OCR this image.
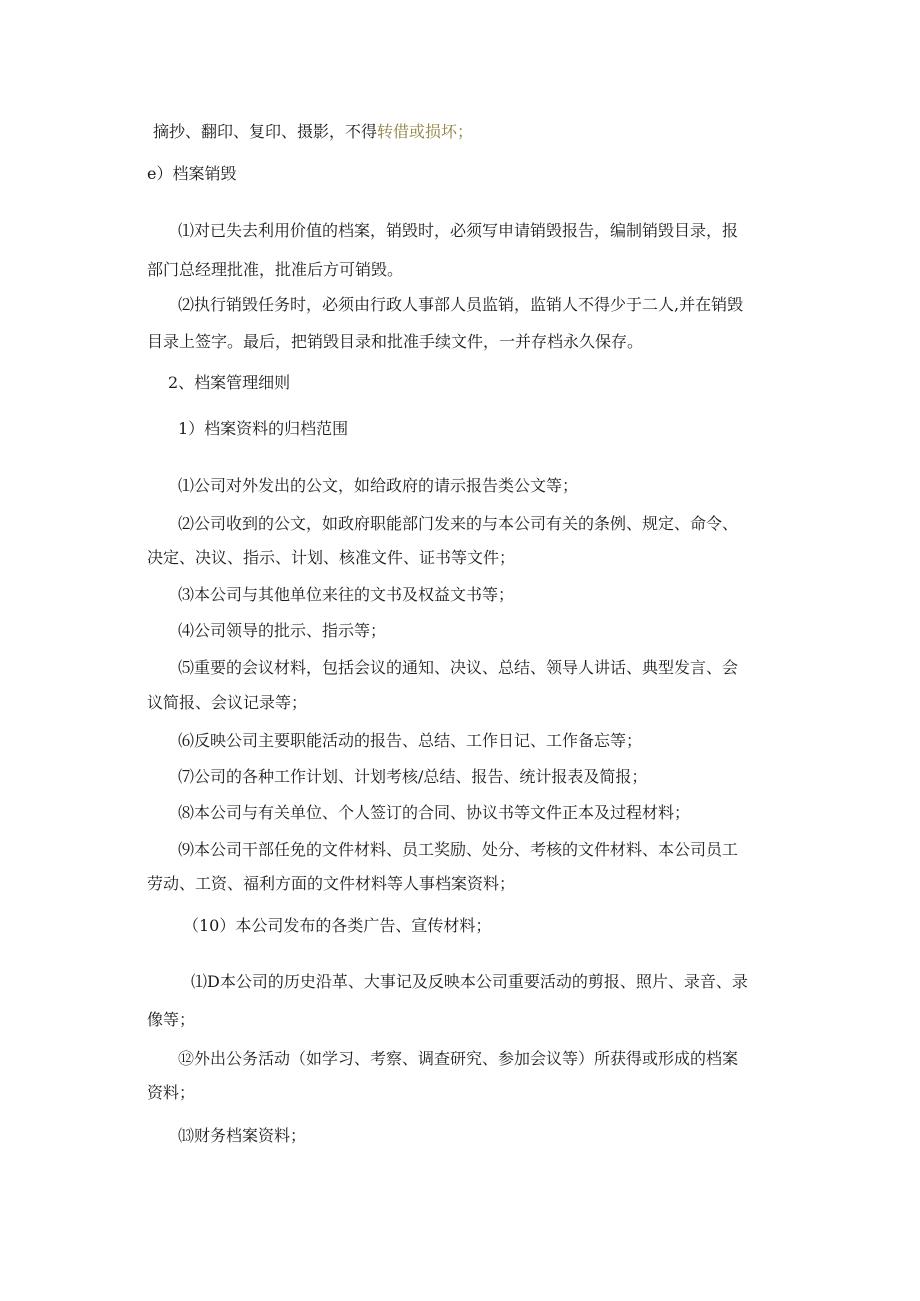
摘抄、翻印、复印、摄影，不得转借或损坏；
e）档案销毁
⑴对已失去利用价值的档案，销毁时，必须写申请销毁报告，编制销毁目录，报
部门总经理批准，批准后方可销毁。
⑵执行销毁任务时，必须由行政人事部人员监销，监销人不得少于二人,并在销毁
目录上签字。最后，把销毁目录和批准手续文件，一并存档永久保存。
2、档案管理细则
1）档案资料的归档范围
⑴公司对外发出的公文，如给政府的请示报告类公文等；
⑵公司收到的公文，如政府职能部门发来的与本公司有关的条例、规定、命令、
决定、决议、指示、计划、核准文件、证书等文件；
⑶本公司与其他单位来往的文书及权益文书等；
⑷公司领导的批示、指示等；
⑸重要的会议材料，包括会议的通知、决议、总结、领导人讲话、典型发言、会
议简报、会议记录等；
⑹反映公司主要职能活动的报告、总结、工作日记、工作备忘等；
⑺公司的各种工作计划、计划考核/总结、报告、统计报表及简报；
⑻本公司与有关单位、个人签订的合同、协议书等文件正本及过程材料；
⑼本公司干部任免的文件材料、员工奖励、处分、考核的文件材料、本公司员工
劳动、工资、福利方面的文件材料等人事档案资料；
（10）本公司发布的各类广告、宣传材料；
⑴D本公司的历史沿革、大事记及反映本公司重要活动的剪报、照片、录音、录
像等；
⑫外出公务活动（如学习、考察、调查研究、参加会议等）所获得或形成的档案
资料；
⒀财务档案资料；
